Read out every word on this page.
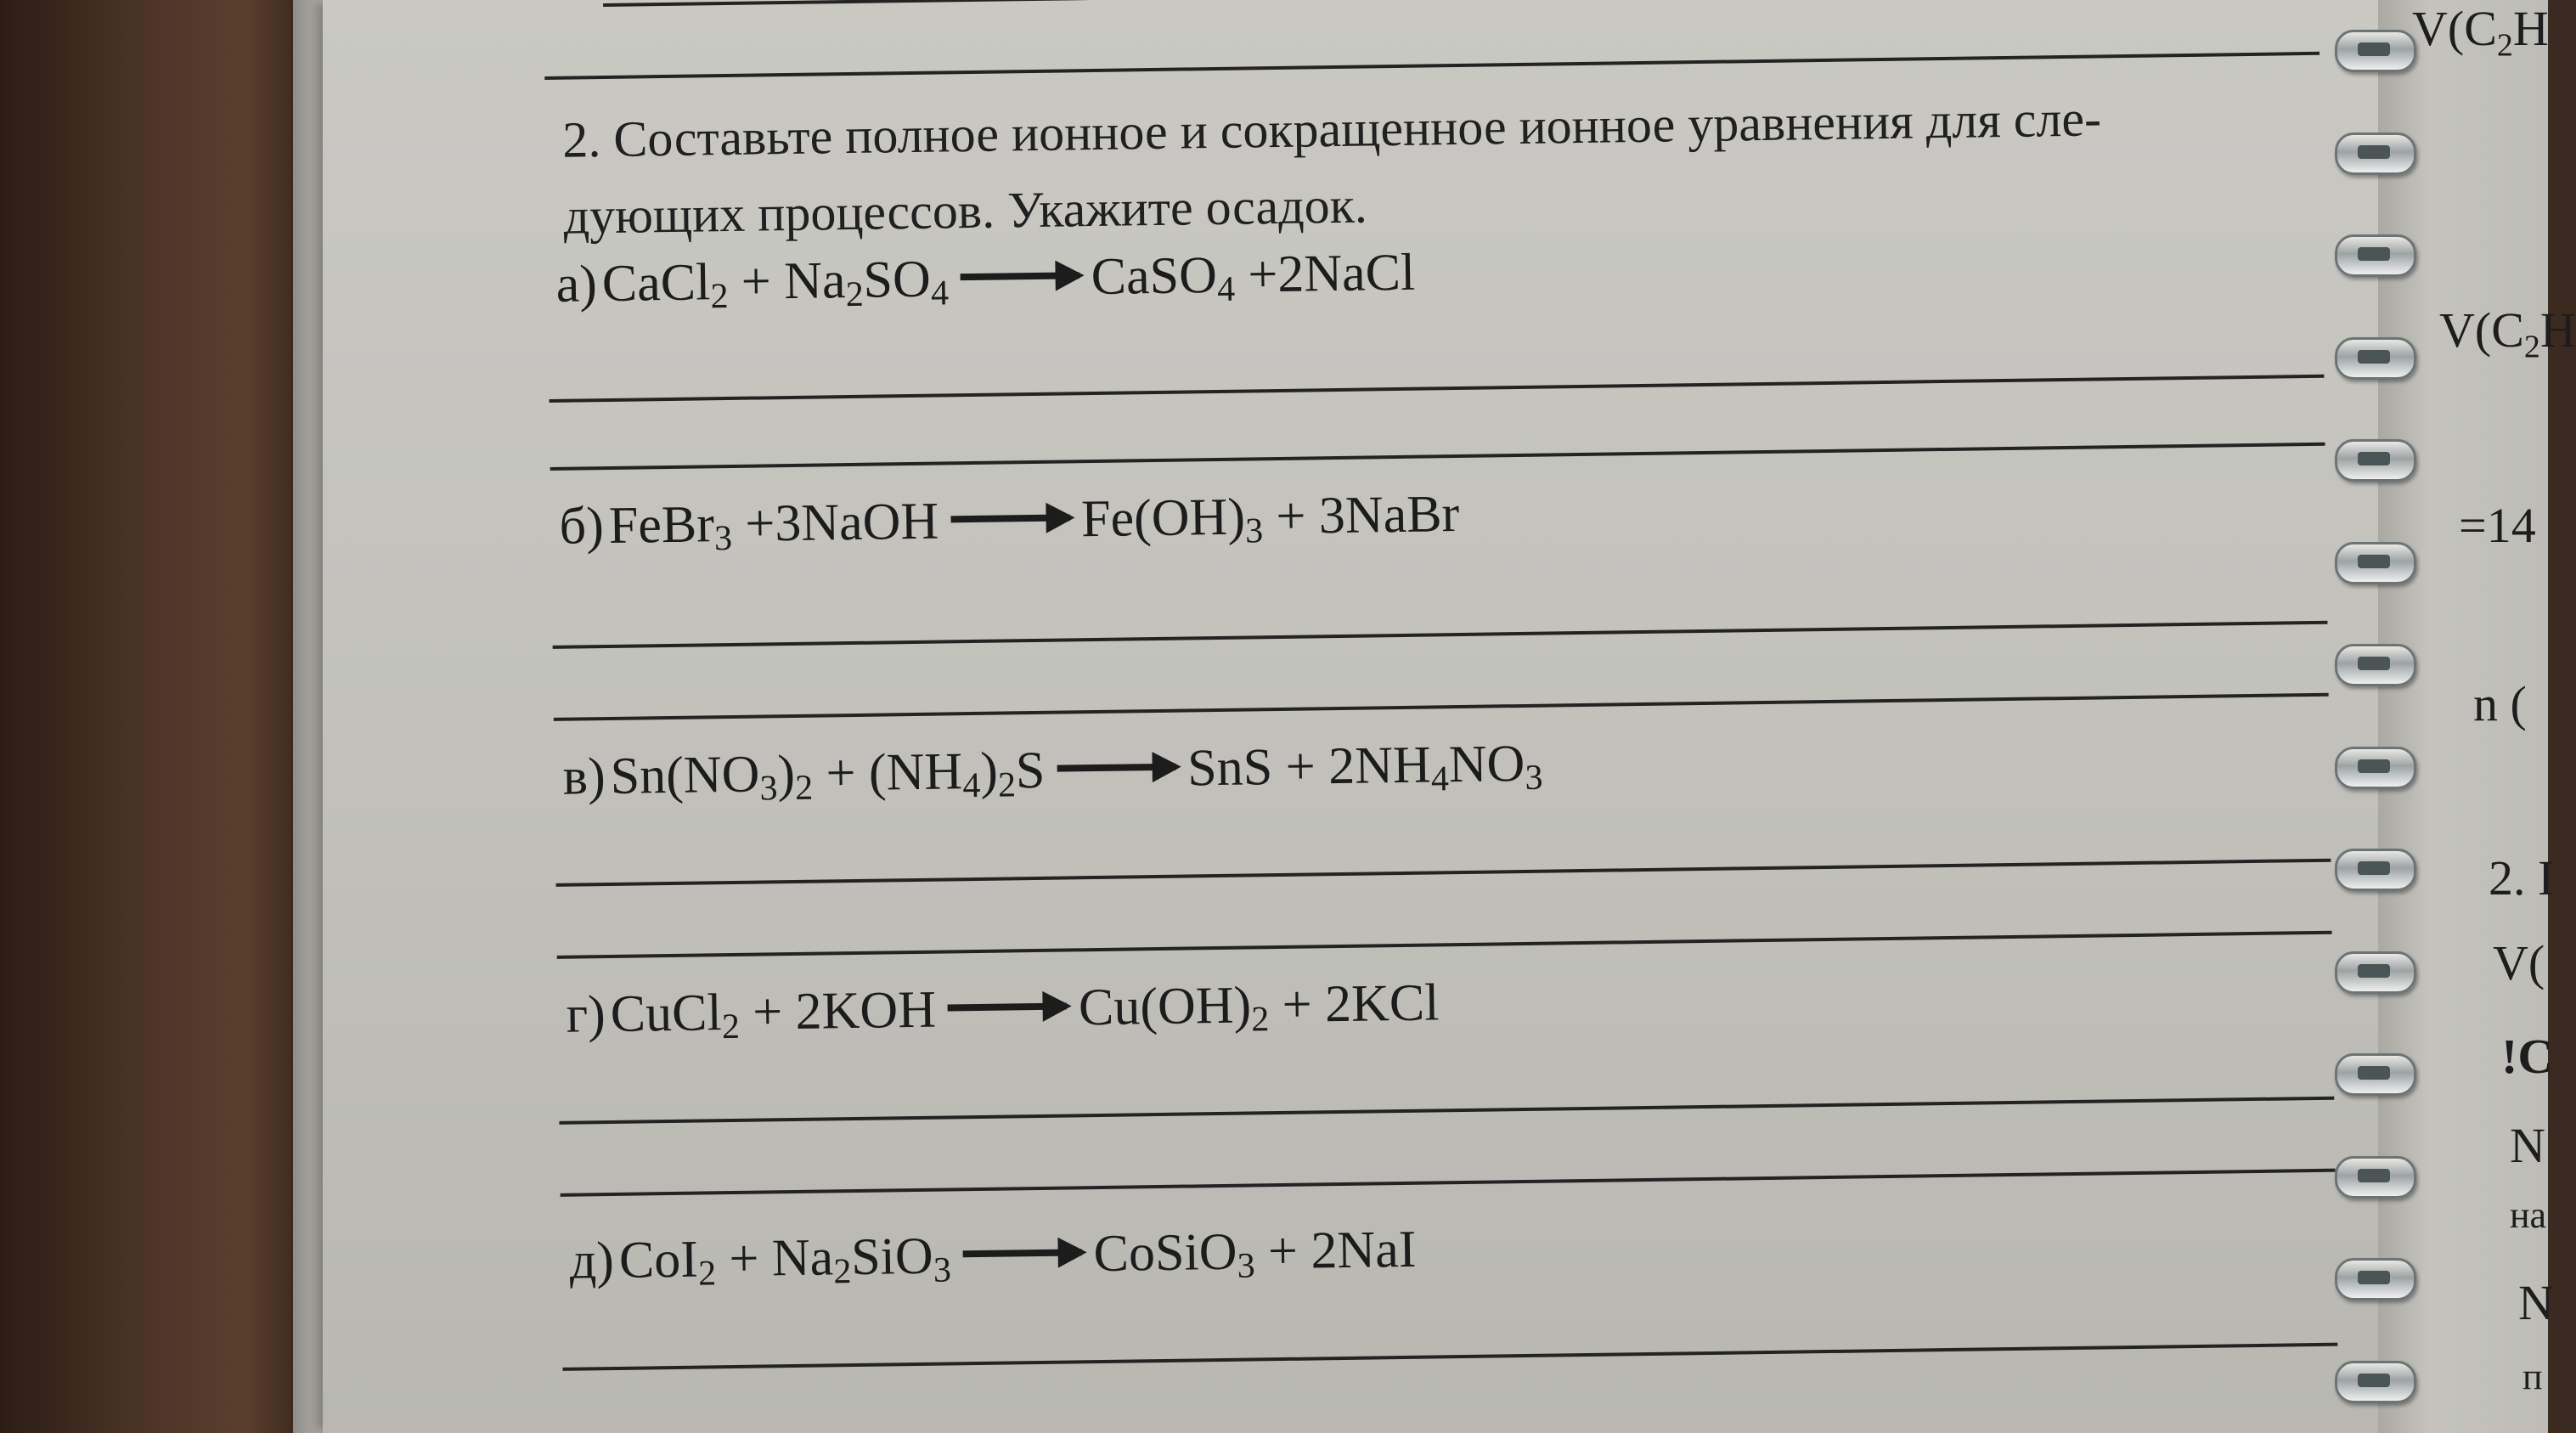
$V(C_2H$
$V(C_2H$
=14
n (
2. I
V(
!C
N
на
N
п
2. Составьте полное ионное и сокращенное ионное уравнения для сле-
дующих процессов. Укажите осадок.
а) CaCl$_2$ + $Na_2SO_4$	CaSO$_4$ +2NaCl
б) FeBr$_3$ +3NaOH	$Fe(OH)_3$ + 3NaBr
в) $Sn(NO_3)_2 + (NH_4)_2S$	SnS + $2NH_4NO_3$
г) CuCl$_2$ + 2KOH	$Cu(OH)_2 + 2KCl$
д) $CoI_2 + Na_2SiO_3$	CoSiO$_3$ + 2NaI
